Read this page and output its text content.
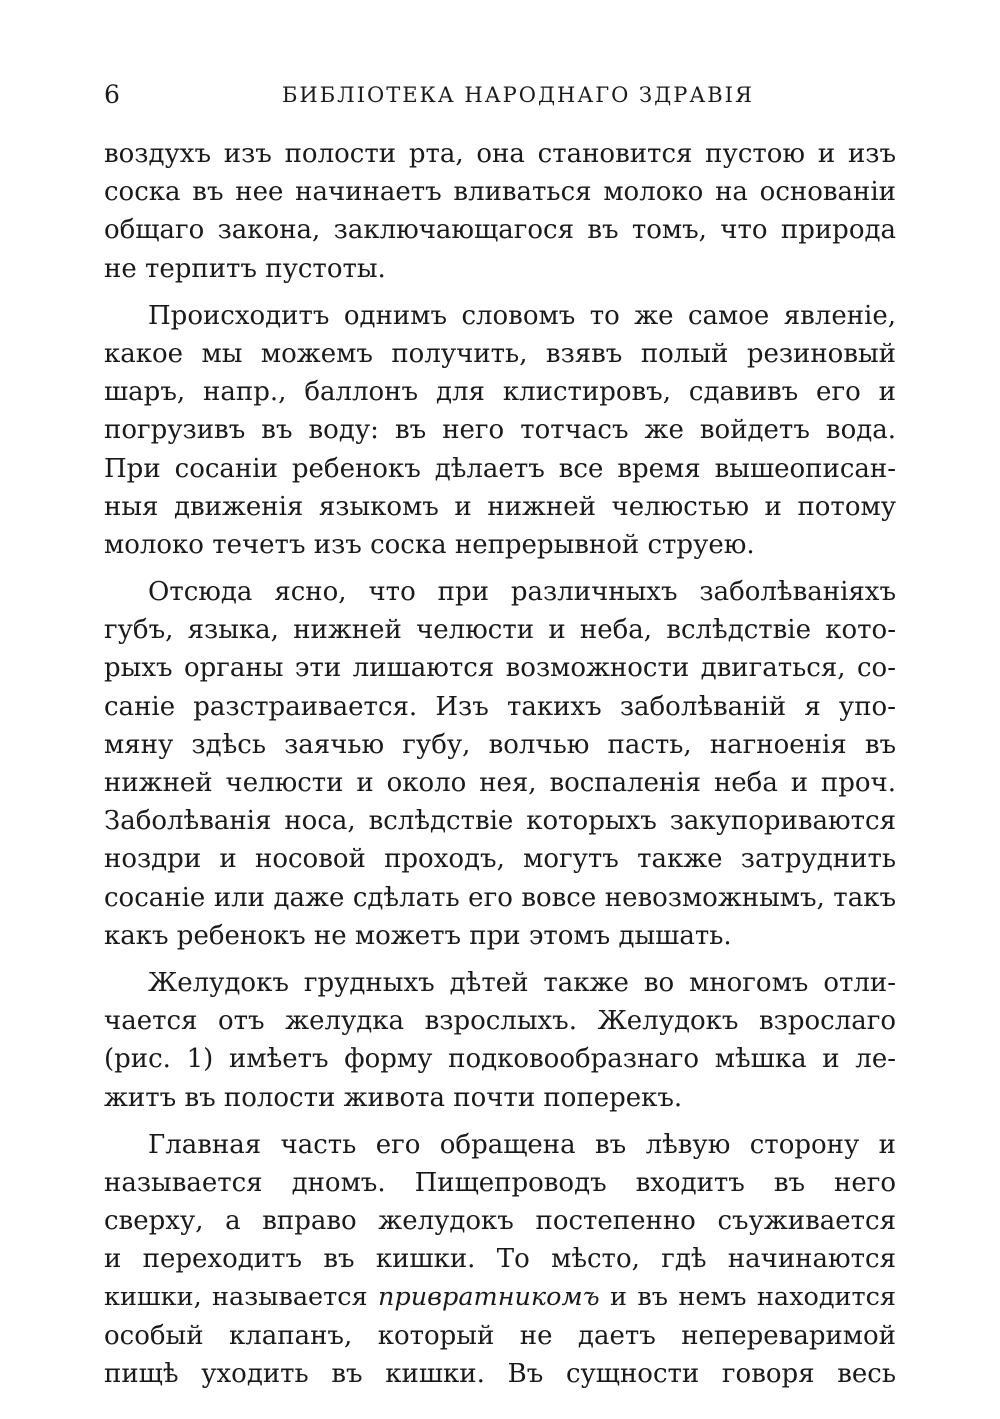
6	БИБЛІОТЕКА НАРОДНАГО ЗДРАВІЯ
воздухъ изъ полости рта, она становится пустою и изъ
соска въ нее начинаетъ вливаться молоко на основаніи
общаго закона, заключающагося въ томъ, что природа
не терпитъ пустоты.
Происходитъ однимъ словомъ то же самое явленіе,
какое мы можемъ получить, взявъ полый резиновый
шаръ, напр., баллонъ для клистировъ, сдавивъ его и
погрузивъ въ воду: въ него тотчасъ же войдетъ вода.
При сосаніи ребенокъ дѣлаетъ все время вышеописан-
ныя движенія языкомъ и нижней челюстью и потому
молоко течетъ изъ соска непрерывной струею.
Отсюда ясно, что при различныхъ заболѣваніяхъ
губъ, языка, нижней челюсти и неба, вслѣдствіе кото-
рыхъ органы эти лишаются возможности двигаться, со-
саніе разстраивается. Изъ такихъ заболѣваній я упо-
мяну здѣсь заячью губу, волчью пасть, нагноенія въ
нижней челюсти и около нея, воспаленія неба и проч.
Заболѣванія носа, вслѣдствіе которыхъ закупориваются
ноздри и носовой проходъ, могутъ также затруднить
сосаніе или даже сдѣлать его вовсе невозможнымъ, такъ
какъ ребенокъ не можетъ при этомъ дышать.
Желудокъ грудныхъ дѣтей также во многомъ отли-
чается отъ желудка взрослыхъ. Желудокъ взрослаго
(рис. 1) имѣетъ форму подковообразнаго мѣшка и ле-
житъ въ полости живота почти поперекъ.
Главная часть его обращена въ лѣвую сторону и
называется дномъ. Пищепроводъ входитъ въ него
сверху, а вправо желудокъ постепенно съуживается
и переходитъ въ кишки. То мѣсто, гдѣ начинаются
кишки, называется привратникомъ и въ немъ находится
особый клапанъ, который не даетъ непереваримой
пищѣ уходить въ кишки. Въ сущности говоря весь
